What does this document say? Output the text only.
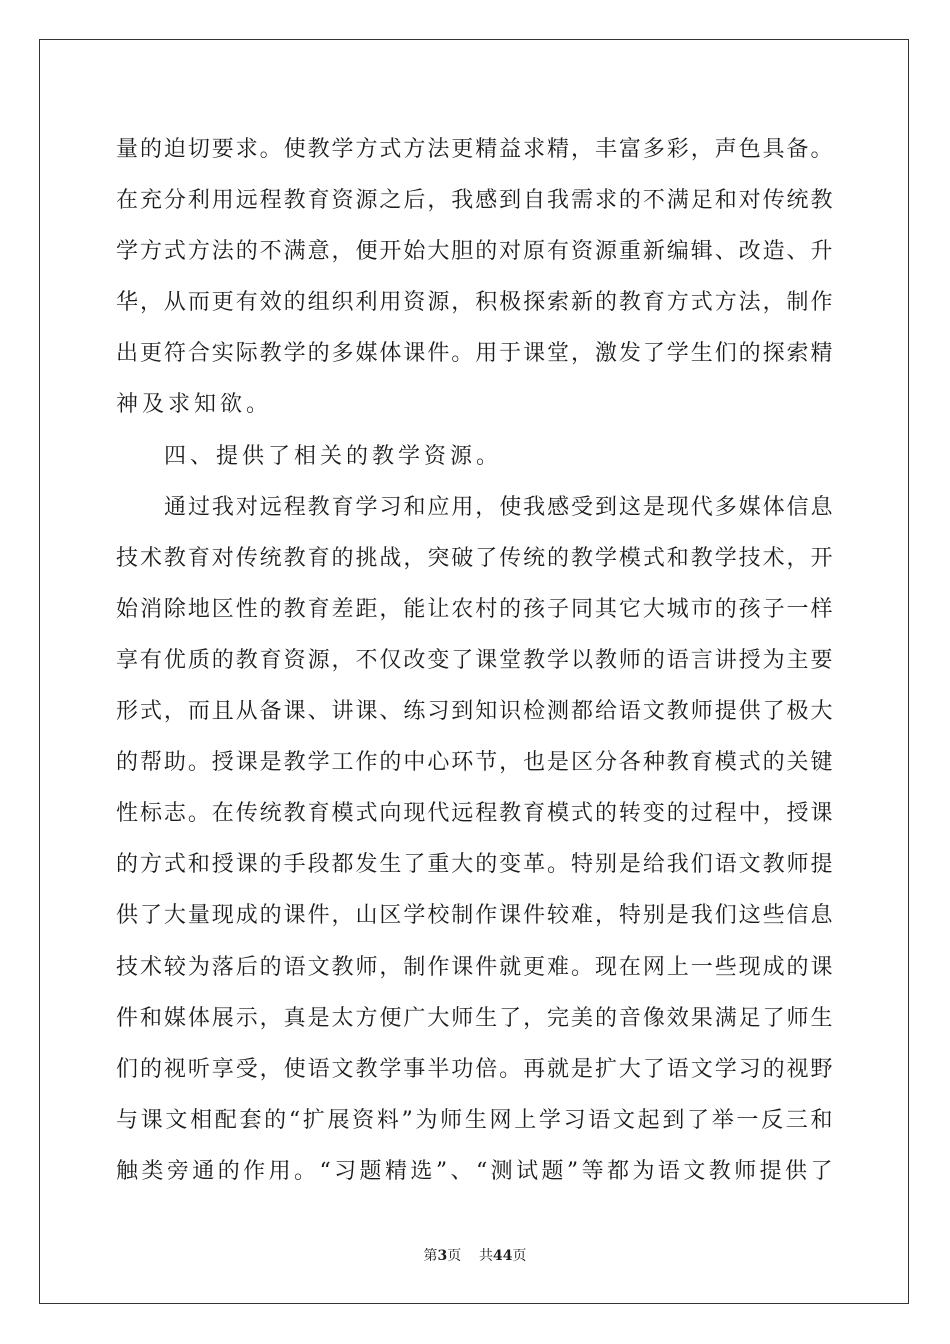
量的迫切要求。使教学方式方法更精益求精，丰富多彩，声色具备。
在充分利用远程教育资源之后，我感到自我需求的不满足和对传统教
学方式方法的不满意，便开始大胆的对原有资源重新编辑、改造、升
华，从而更有效的组织利用资源，积极探索新的教育方式方法，制作
出更符合实际教学的多媒体课件。用于课堂，激发了学生们的探索精
神及求知欲。
四、提供了相关的教学资源。
通过我对远程教育学习和应用，使我感受到这是现代多媒体信息
技术教育对传统教育的挑战，突破了传统的教学模式和教学技术，开
始消除地区性的教育差距，能让农村的孩子同其它大城市的孩子一样
享有优质的教育资源，不仅改变了课堂教学以教师的语言讲授为主要
形式，而且从备课、讲课、练习到知识检测都给语文教师提供了极大
的帮助。授课是教学工作的中心环节，也是区分各种教育模式的关键
性标志。在传统教育模式向现代远程教育模式的转变的过程中，授课
的方式和授课的手段都发生了重大的变革。特别是给我们语文教师提
供了大量现成的课件，山区学校制作课件较难，特别是我们这些信息
技术较为落后的语文教师，制作课件就更难。现在网上一些现成的课
件和媒体展示，真是太方便广大师生了，完美的音像效果满足了师生
们的视听享受，使语文教学事半功倍。再就是扩大了语文学习的视野
与课文相配套的“扩展资料”为师生网上学习语文起到了举一反三和
触类旁通的作用。“习题精选”、“测试题”等都为语文教师提供了
第3页 共44页
